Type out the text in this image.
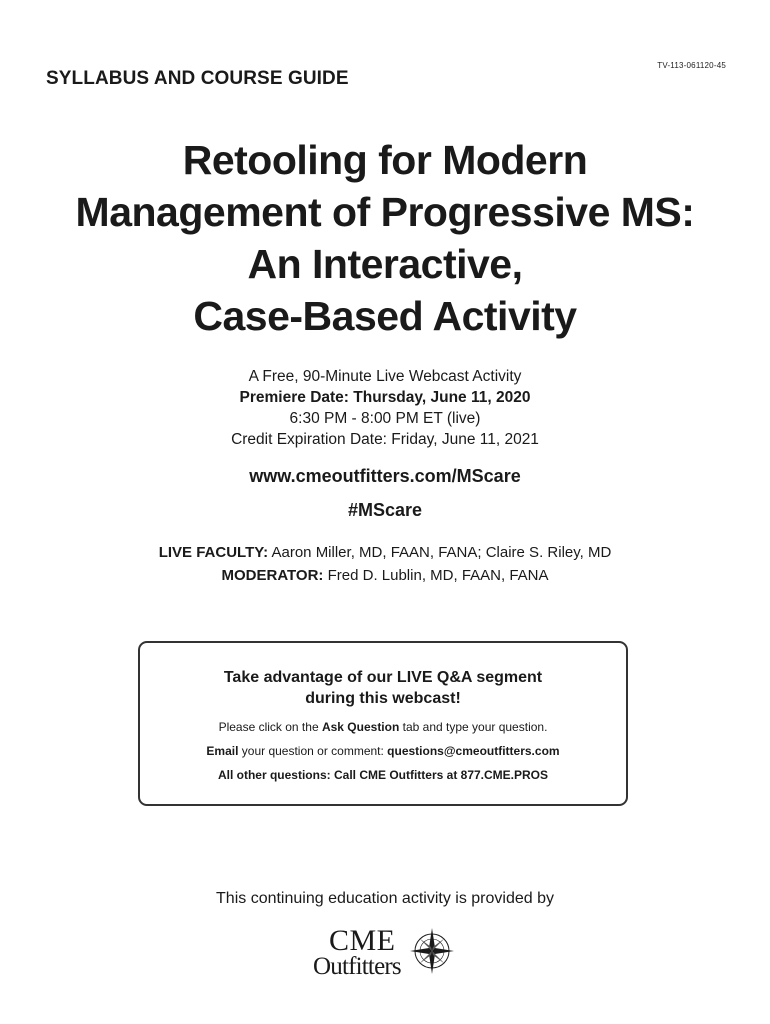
TV-113-061120-45
SYLLABUS AND COURSE GUIDE
Retooling for Modern
Management of Progressive MS:
An Interactive,
Case-Based Activity
A Free, 90-Minute Live Webcast Activity
Premiere Date: Thursday, June 11, 2020
6:30 PM - 8:00 PM ET (live)
Credit Expiration Date: Friday, June 11, 2021
www.cmeoutfitters.com/MScare
#MScare
LIVE FACULTY: Aaron Miller, MD, FAAN, FANA; Claire S. Riley, MD
MODERATOR: Fred D. Lublin, MD, FAAN, FANA
Take advantage of our LIVE Q&A segment
during this webcast!
Please click on the Ask Question tab and type your question.
Email your question or comment: questions@cmeoutfitters.com
All other questions: Call CME Outfitters at 877.CME.PROS
This continuing education activity is provided by
CME
Outfitters
